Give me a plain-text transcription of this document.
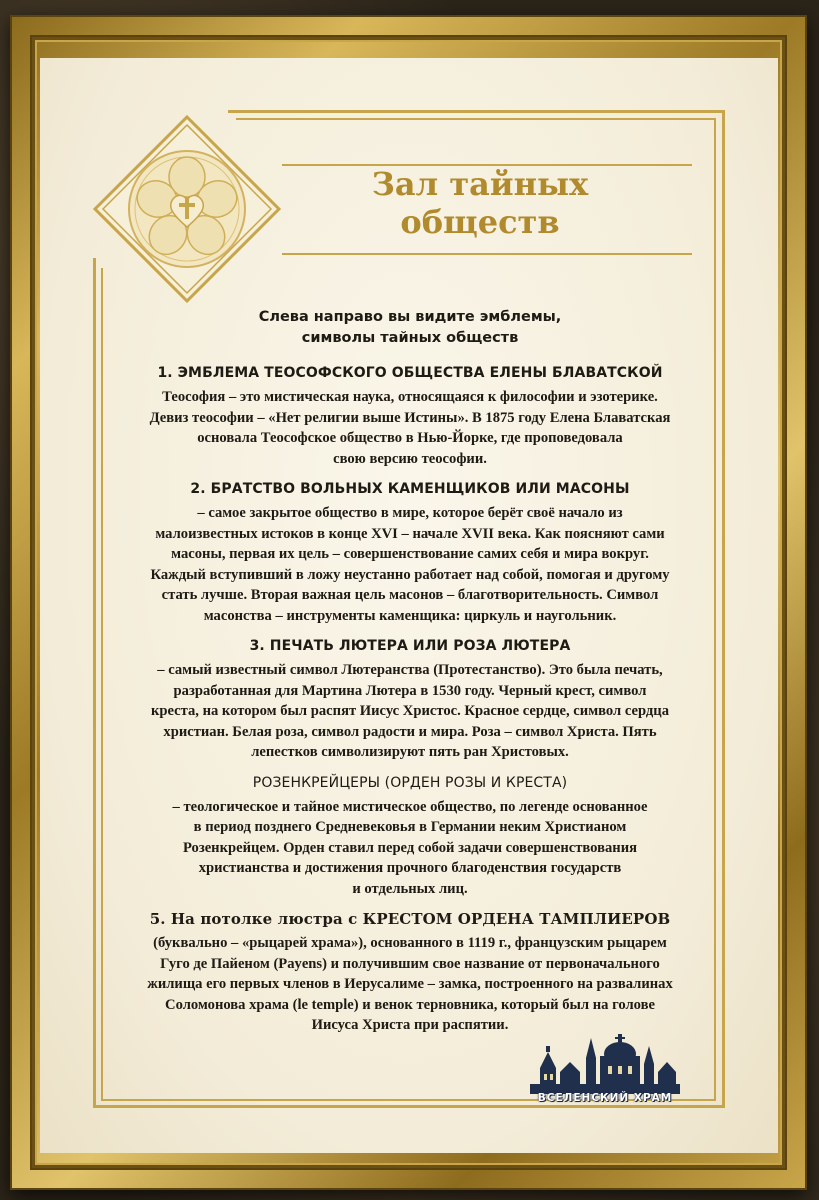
Зал тайных
обществ
Слева направо вы видите эмблемы,
символы тайных обществ
1. ЭМБЛЕМА ТЕОСОФСКОГО ОБЩЕСТВА ЕЛЕНЫ БЛАВАТСКОЙ
Теософия – это мистическая наука, относящаяся к философии и эзотерике.
Девиз теософии – «Нет религии выше Истины». В 1875 году Елена Блаватская
основала Теософское общество в Нью-Йорке, где проповедовала
свою версию теософии.
2. БРАТСТВО ВОЛЬНЫХ КАМЕНЩИКОВ ИЛИ МАСОНЫ
– самое закрытое общество в мире, которое берёт своё начало из
малоизвестных истоков в конце XVI – начале XVII века. Как поясняют сами
масоны, первая их цель – совершенствование самих себя и мира вокруг.
Каждый вступивший в ложу неустанно работает над собой, помогая и другому
стать лучше. Вторая важная цель масонов – благотворительность. Символ
масонства – инструменты каменщика: циркуль и наугольник.
3. ПЕЧАТЬ ЛЮТЕРА ИЛИ РОЗА ЛЮТЕРА
– самый известный символ Лютеранства (Протестанство). Это была печать,
разработанная для Мартина Лютера в 1530 году. Черный крест, символ
креста, на котором был распят Иисус Христос. Красное сердце, символ сердца
христиан. Белая роза, символ радости и мира. Роза – символ Христа. Пять
лепестков символизируют пять ран Христовых.
РОЗЕНКРЕЙЦЕРЫ (ОРДЕН РОЗЫ И КРЕСТА)
– теологическое и тайное мистическое общество, по легенде основанное
в период позднего Средневековья в Германии неким Христианом
Розенкрейцем. Орден ставил перед собой задачи совершенствования
христианства и достижения прочного благоденствия государств
и отдельных лиц.
5. На потолке люстра с КРЕСТОМ ОРДЕНА ТАМПЛИЕРОВ
(буквально – «рыцарей храма»), основанного в 1119 г., французским рыцарем
Гуго де Пайеном (Payens) и получившим свое название от первоначального
жилища его первых членов в Иерусалиме – замка, построенного на развалинах
Соломонова храма (le temple) и венок терновника, который был на голове
Иисуса Христа при распятии.
ВСЕЛЕНСКИЙ ХРАМ
